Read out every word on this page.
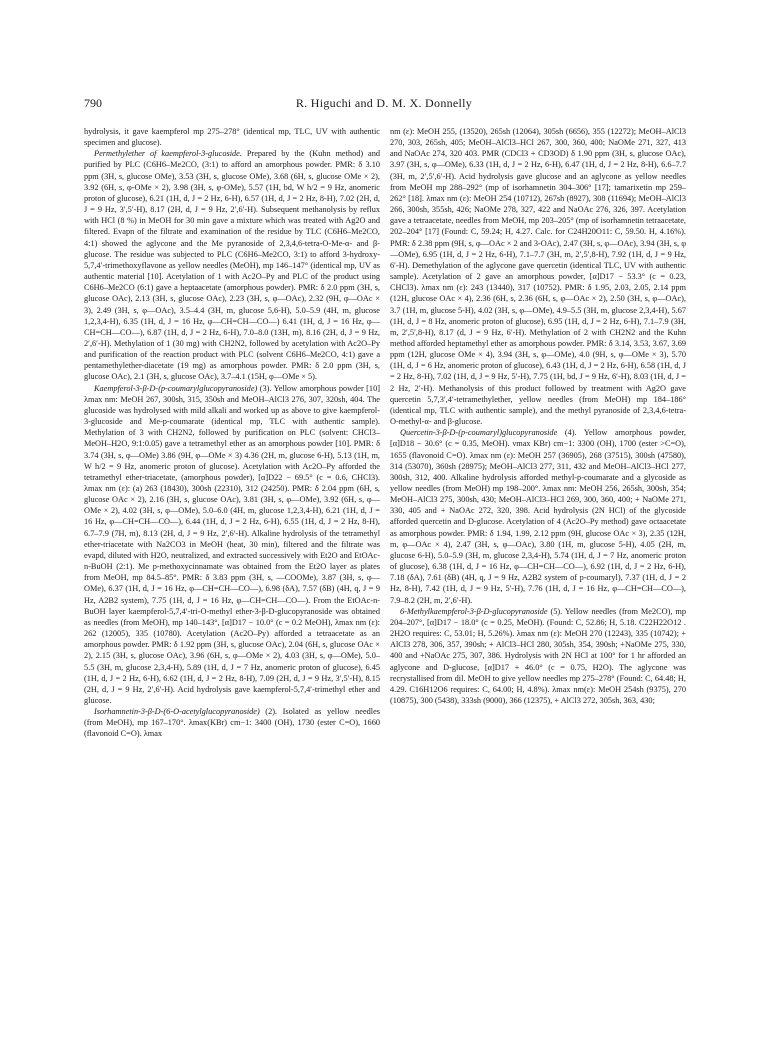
790	R. Higuchi and D. M. X. Donnelly

hydrolysis, it gave kaempferol mp 275–278° (identical mp, TLC, UV with authentic specimen and glucose).

Permethylether of kaempferol-3-glucoside. Prepared by the (Kuhn method) and purified by PLC (C6H6–Me2CO, (3:1) to afford an amorphous powder. PMR: δ 3.10 ppm (3H, s, glucose OMe), 3.53 (3H, s, glucose OMe), 3.68 (6H, s, glucose OMe × 2), 3.92 (6H, s, φ-OMe × 2), 3.98 (3H, s, φ-OMe), 5.57 (1H, bd, W h/2 = 9 Hz, anomeric proton of glucose), 6.21 (1H, d, J = 2 Hz, 6-H), 6.57 (1H, d, J = 2 Hz, 8-H), 7.02 (2H, d, J = 9 Hz, 3′,5′-H), 8.17 (2H, d, J = 9 Hz, 2′,6′-H). Subsequent methanolysis by reflux with HCl (8 %) in MeOH for 30 min gave a mixture which was treated with Ag2O and filtered. Evapn of the filtrate and examination of the residue by TLC (C6H6–Me2CO, 4:1) showed the aglycone and the Me pyranoside of 2,3,4,6-tetra-O-Me-α- and β-glucose. The residue was subjected to PLC (C6H6–Me2CO, 3:1) to afford 3-hydroxy-5,7,4′-trimethoxyflavone as yellow needles (MeOH), mp 146–147° (identical mp, UV as authentic material [10]. Acetylation of 1 with Ac2O–Py and PLC of the product using C6H6–Me2CO (6:1) gave a heptaacetate (amorphous powder). PMR: δ 2.0 ppm (3H, s, glucose OAc), 2.13 (3H, s, glucose OAc), 2.23 (3H, s, φ—OAc), 2.32 (9H, φ—OAc × 3), 2.49 (3H, s, φ—OAc), 3.5–4.4 (3H, m, glucose 5,6-H), 5.0–5.9 (4H, m, glucose 1,2,3,4-H), 6.35 (1H, d, J = 16 Hz, φ—CH=CH—CO—) 6.41 (1H, d, J = 16 Hz, φ—CH=CH—CO—), 6.87 (1H, d, J = 2 Hz, 6-H), 7.0–8.0 (13H, m), 8.16 (2H, d, J = 9 Hz, 2′,6′-H). Methylation of 1 (30 mg) with CH2N2, followed by acetylation with Ac2O–Py and purification of the reaction product with PLC (solvent C6H6–Me2CO, 4:1) gave a pentamethylether-diacetate (19 mg) as amorphous powder. PMR: δ 2.0 ppm (3H, s, glucose OAc), 2.1 (3H, s, glucose OAc), 3.7–4.1 (15H, φ—OMe × 5).

Kaempferol-3-β-D-(p-coumarylglucopyranoside) (3). Yellow amorphous powder [10] λmax nm: MeOH 267, 300sh, 315, 350sh and MeOH–AlCl3 276, 307, 320sh, 404. The glucoside was hydrolysed with mild alkali and worked up as above to give kaempferol-3-glucoside and Me-p-coumarate (identical mp, TLC with authentic sample). Methylation of 3 with CH2N2, followed by purification on PLC (solvent: CHCl3–MeOH–H2O, 9:1:0.05) gave a tetramethyl ether as an amorphous powder [10]. PMR: δ 3.74 (3H, s, φ—OMe) 3.86 (9H, φ—OMe × 3) 4.36 (2H, m, glucose 6-H), 5.13 (1H, m, W h/2 = 9 Hz, anomeric proton of glucose). Acetylation with Ac2O–Py afforded the tetramethyl ether-triacetate, (amorphous powder), [α]D22 − 69.5° (c = 0.6, CHCl3). λmax nm (ε): (a) 263 (18430), 300sh (22310), 312 (24250). PMR: δ 2.04 ppm (6H, s, glucose OAc × 2), 2.16 (3H, s, glucose OAc), 3.81 (3H, s, φ—OMe), 3.92 (6H, s, φ—OMe × 2), 4.02 (3H, s, φ—OMe), 5.0–6.0 (4H, m, glucose 1,2,3,4-H), 6.21 (1H, d, J = 16 Hz, φ—CH=CH—CO—), 6.44 (1H, d, J = 2 Hz, 6-H), 6.55 (1H, d, J = 2 Hz, 8-H), 6.7–7.9 (7H, m), 8.13 (2H, d, J = 9 Hz, 2′,6′-H). Alkaline hydrolysis of the tetramethyl ether-triacetate with Na2CO3 in MeOH (heat, 30 min), filtered and the filtrate was evapd, diluted with H2O, neutralized, and extracted successively with Et2O and EtOAc-n-BuOH (2:1). Me p-methoxycinnamate was obtained from the Et2O layer as plates from MeOH, mp 84.5–85°. PMR: δ 3.83 ppm (3H, s, —COOMe), 3.87 (3H, s, φ—OMe), 6.37 (1H, d, J = 16 Hz, φ—CH=CH—CO—), 6.98 (δA), 7.57 (δB) (4H, q, J = 9 Hz, A2B2 system), 7.75 (1H, d, J = 16 Hz, φ—CH=CH—CO—). From the EtOAc-n-BuOH layer kaempferol-5,7,4′-tri-O-methyl ether-3-β-D-glucopyranoside was obtained as needles (from MeOH), mp 140–143°, [α]D17 − 10.0° (c = 0.2 MeOH), λmax nm (ε): 262 (12005), 335 (10780). Acetylation (Ac2O–Py) afforded a tetraacetate as an amorphous powder. PMR: δ 1.92 ppm (3H, s, glucose OAc), 2.04 (6H, s, glucose OAc × 2), 2.15 (3H, s, glucose OAc), 3.96 (6H, s, φ—OMe × 2), 4.03 (3H, s, φ—OMe), 5.0–5.5 (3H, m, glucose 2,3,4-H), 5.89 (1H, d, J = 7 Hz, anomeric proton of glucose), 6.45 (1H, d, J = 2 Hz, 6-H), 6.62 (1H, d, J = 2 Hz, 8-H), 7.09 (2H, d, J = 9 Hz, 3′,5′-H), 8.15 (2H, d, J = 9 Hz, 2′,6′-H). Acid hydrolysis gave kaempferol-5,7,4′-trimethyl ether and glucose.

Isorhamnetin-3-β-D-(6-O-acetylglucopyranoside) (2). Isolated as yellow needles (from MeOH), mp 167–170°. λmax(KBr) cm−1: 3400 (OH), 1730 (ester C=O), 1660 (flavonoid C=O). λmax

nm (ε): MeOH 255, (13520), 265sh (12064), 305sh (6656), 355 (12272); MeOH–AlCl3 270, 303, 265sh, 405; MeOH–AlCl3–HCl 267, 300, 360, 400; NaOMe 271, 327, 413 and NaOAc 274, 320 403. PMR (CDCl3 + CD3OD) δ 1.90 ppm (3H, s, glucose OAc), 3.97 (3H, s, φ—OMe), 6.33 (1H, d, J = 2 Hz, 6-H), 6.47 (1H, d, J = 2 Hz, 8-H), 6.6–7.7 (3H, m, 2′,5′,6′-H). Acid hydrolysis gave glucose and an aglycone as yellow needles from MeOH mp 288–292° (mp of isorhamnetin 304–306° [17]; tamarixetin mp 259–262° [18]. λmax nm (ε): MeOH 254 (10712), 267sh (8927), 308 (11694); MeOH–AlCl3 266, 300sh, 355sh, 426; NaOMe 278, 327, 422 and NaOAc 276, 326, 397. Acetylation gave a tetraacetate, needles from MeOH, mp 203–205° (mp of isorhamnetin tetraacetate, 202–204° [17] (Found: C, 59.24; H, 4.27. Calc. for C24H20O11: C, 59.50. H, 4.16%). PMR: δ 2.38 ppm (9H, s, φ—OAc × 2 and 3-OAc), 2.47 (3H, s, φ—OAc), 3.94 (3H, s, φ—OMe), 6.95 (1H, d, J = 2 Hz, 6-H), 7.1–7.7 (3H, m, 2′,5′,8-H), 7.92 (1H, d, J = 9 Hz, 6′-H). Demethylation of the aglycone gave quercetin (identical TLC, UV with authentic sample). Acetylation of 2 gave an amorphous powder, [α]D17 − 53.3° (c = 0.23, CHCl3). λmax nm (ε): 243 (13440), 317 (10752). PMR: δ 1.95, 2.03, 2.05, 2.14 ppm (12H, glucose OAc × 4), 2.36 (6H, s, 2.36 (6H, s, φ—OAc × 2), 2.50 (3H, s, φ—OAc), 3.7 (1H, m, glucose 5-H), 4.02 (3H, s, φ—OMe), 4.9–5.5 (3H, m, glucose 2,3,4-H), 5.67 (1H, d, J = 8 Hz, anomeric proton of glucose), 6.95 (1H, d, J = 2 Hz, 6-H), 7.1–7.9 (3H, m, 2′,5′,8-H), 8.17 (d, J = 9 Hz, 6′-H). Methylation of 2 with CH2N2 and the Kuhn method afforded heptamethyl ether as amorphous powder. PMR: δ 3.14, 3.53, 3.67, 3.69 ppm (12H, glucose OMe × 4), 3.94 (3H, s, φ—OMe), 4.0 (9H, s, φ—OMe × 3), 5.70 (1H, d, J = 6 Hz, anomeric proton of glucose), 6.43 (1H, d, J = 2 Hz, 6-H), 6.58 (1H, d, J = 2 Hz, 8-H), 7.02 (1H, d, J = 9 Hz, 5′-H), 7.75 (1H, bd, J = 9 Hz, 6′-H), 8.03 (1H, d, J = 2 Hz, 2′-H). Methanolysis of this product followed by treatment with Ag2O gave quercetin 5,7,3′,4′-tetramethylether, yellow needles (from MeOH) mp 184–186° (identical mp, TLC with authentic sample), and the methyl pyranoside of 2,3,4,6-tetra-O-methyl-α- and β-glucose.

Quercetin-3-β-D-(p-coumaryl)glucopyranoside (4). Yellow amorphous powder, [α]D18 − 30.6° (c = 0.35, MeOH). νmax KBr) cm−1: 3300 (OH), 1700 (ester >C=O), 1655 (flavonoid C=O). λmax nm (ε): MeOH 257 (36905), 268 (37515), 300sh (47580), 314 (53070), 360sh (28975); MeOH–AlCl3 277, 311, 432 and MeOH–AlCl3–HCl 277, 300sh, 312, 400. Alkaline hydrolysis afforded methyl-p-coumarate and a glycoside as yellow needles (from MeOH) mp 198–200°. λmax nm: MeOH 256, 265sh, 300sh, 354; MeOH–AlCl3 275, 300sh, 430; MeOH–AlCl3–HCl 269, 300, 360, 400; + NaOMe 271, 330, 405 and + NaOAc 272, 320, 398. Acid hydrolysis (2N HCl) of the glycoside afforded quercetin and D-glucose. Acetylation of 4 (Ac2O–Py method) gave octaacetate as amorphous powder. PMR: δ 1.94, 1.99, 2.12 ppm (9H, glucose OAc × 3), 2.35 (12H, m, φ—OAc × 4), 2.47 (3H, s, φ—OAc), 3.80 (1H, m, glucose 5-H), 4.05 (2H, m, glucose 6-H), 5.0–5.9 (3H, m, glucose 2,3,4-H), 5.74 (1H, d, J = 7 Hz, anomeric proton of glucose), 6.38 (1H, d, J = 16 Hz, φ—CH=CH—CO—), 6.92 (1H, d, J = 2 Hz, 6-H), 7.18 (δA), 7.61 (δB) (4H, q, J = 9 Hz, A2B2 system of p-coumaryl), 7.37 (1H, d, J = 2 Hz, 8-H), 7.42 (1H, d, J = 9 Hz, 5′-H), 7.76 (1H, d, J = 16 Hz, φ—CH=CH—CO—), 7.9–8.2 (2H, m, 2′,6′-H).

6-Methylkaempferol-3-β-D-glucopyranoside (5). Yellow needles (from Me2CO), mp 204–207°, [α]D17 − 18.0° (c = 0.25, MeOH). (Found: C, 52.86; H, 5.18. C22H22O12 . 2H2O requires: C, 53.01; H, 5.26%). λmax nm (ε): MeOH 270 (12243), 335 (10742); + AlCl3 278, 306, 357, 390sh; + AlCl3–HCl 280, 305sh, 354, 390sh; +NaOMe 275, 330, 400 and +NaOAc 275, 307, 386. Hydrolysis with 2N HCl at 100° for 1 hr afforded an aglycone and D-glucose, [α]D17 + 46.0° (c = 0.75, H2O). The aglycone was recrystallised from dil. MeOH to give yellow needles mp 275–278° (Found: C, 64.48; H, 4.29. C16H12O6 requires: C, 64.00; H, 4.8%). λmax nm(ε): MeOH 254sh (9375), 270 (10875), 300 (5438), 333sh (9000), 366 (12375), + AlCl3 272, 305sh, 363, 430;
